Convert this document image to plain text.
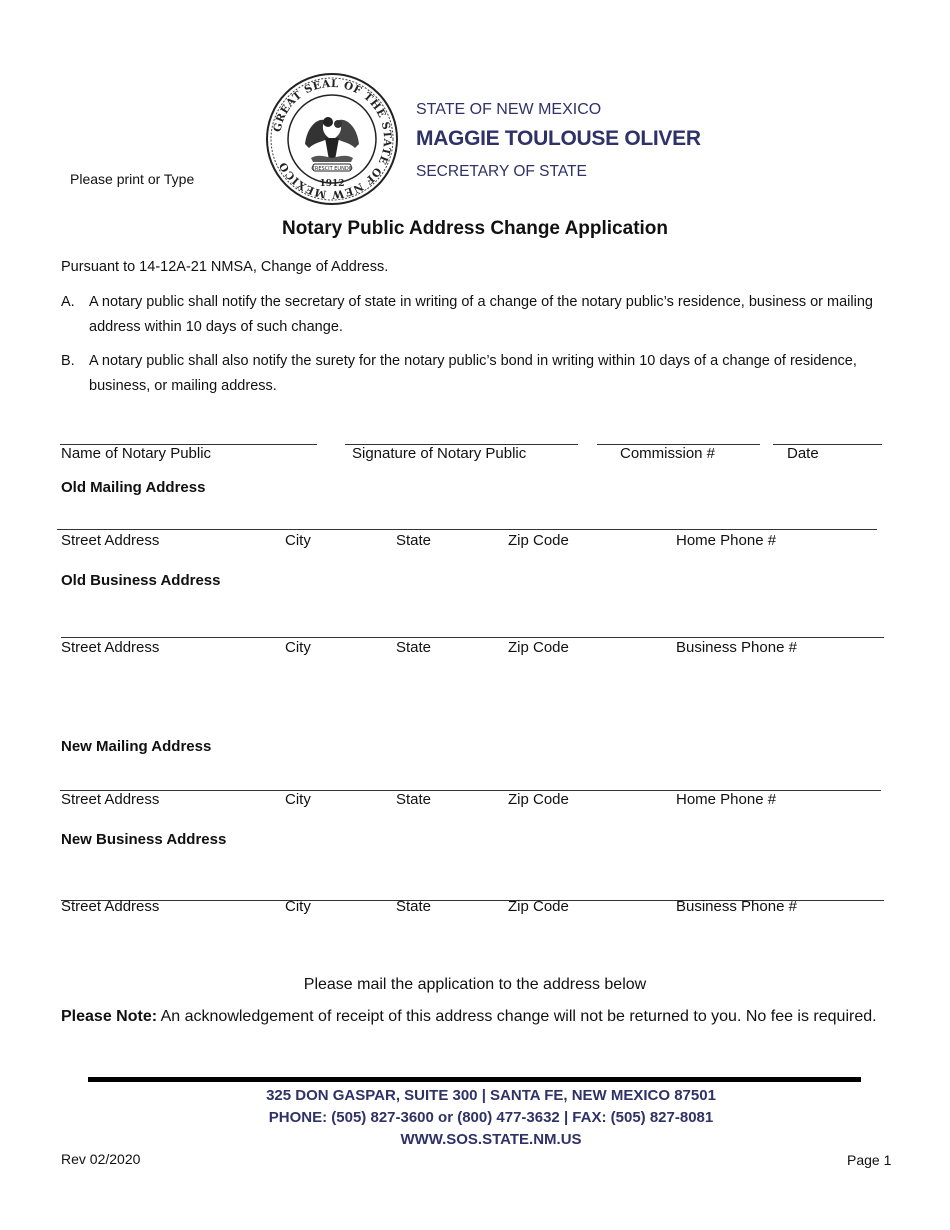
GREAT SEAL OF THE STATE OF NEW MEXICO	CRESCIT EUNDO
1912
STATE OF NEW MEXICO
MAGGIE TOULOUSE OLIVER
SECRETARY OF STATE
Please print or Type
Notary Public Address Change Application
Pursuant to 14-12A-21 NMSA, Change of Address.
A. A notary public shall notify the secretary of state in writing of a change of the notary public’s residence, business or mailing address within 10 days of such change.
B. A notary public shall also notify the surety for the notary public’s bond in writing within 10 days of a change of residence, business, or mailing address.
Name of Notary Public	Signature of Notary Public	Commission #	Date
Old Mailing Address
Street Address	City	State	Zip Code	Home Phone #
Old Business Address
Street Address	City	State	Zip Code	Business Phone #
New Mailing Address
Street Address	City	State	Zip Code	Home Phone #
New Business Address
Street Address	City	State	Zip Code	Business Phone #
Please mail the application to the address below
Please Note: An acknowledgement of receipt of this address change will not be returned to you. No fee is required.
325 DON GASPAR, SUITE 300 | SANTA FE, NEW MEXICO 87501
PHONE: (505) 827-3600 or (800) 477-3632 | FAX: (505) 827-8081
WWW.SOS.STATE.NM.US
Rev 02/2020	Page 1
